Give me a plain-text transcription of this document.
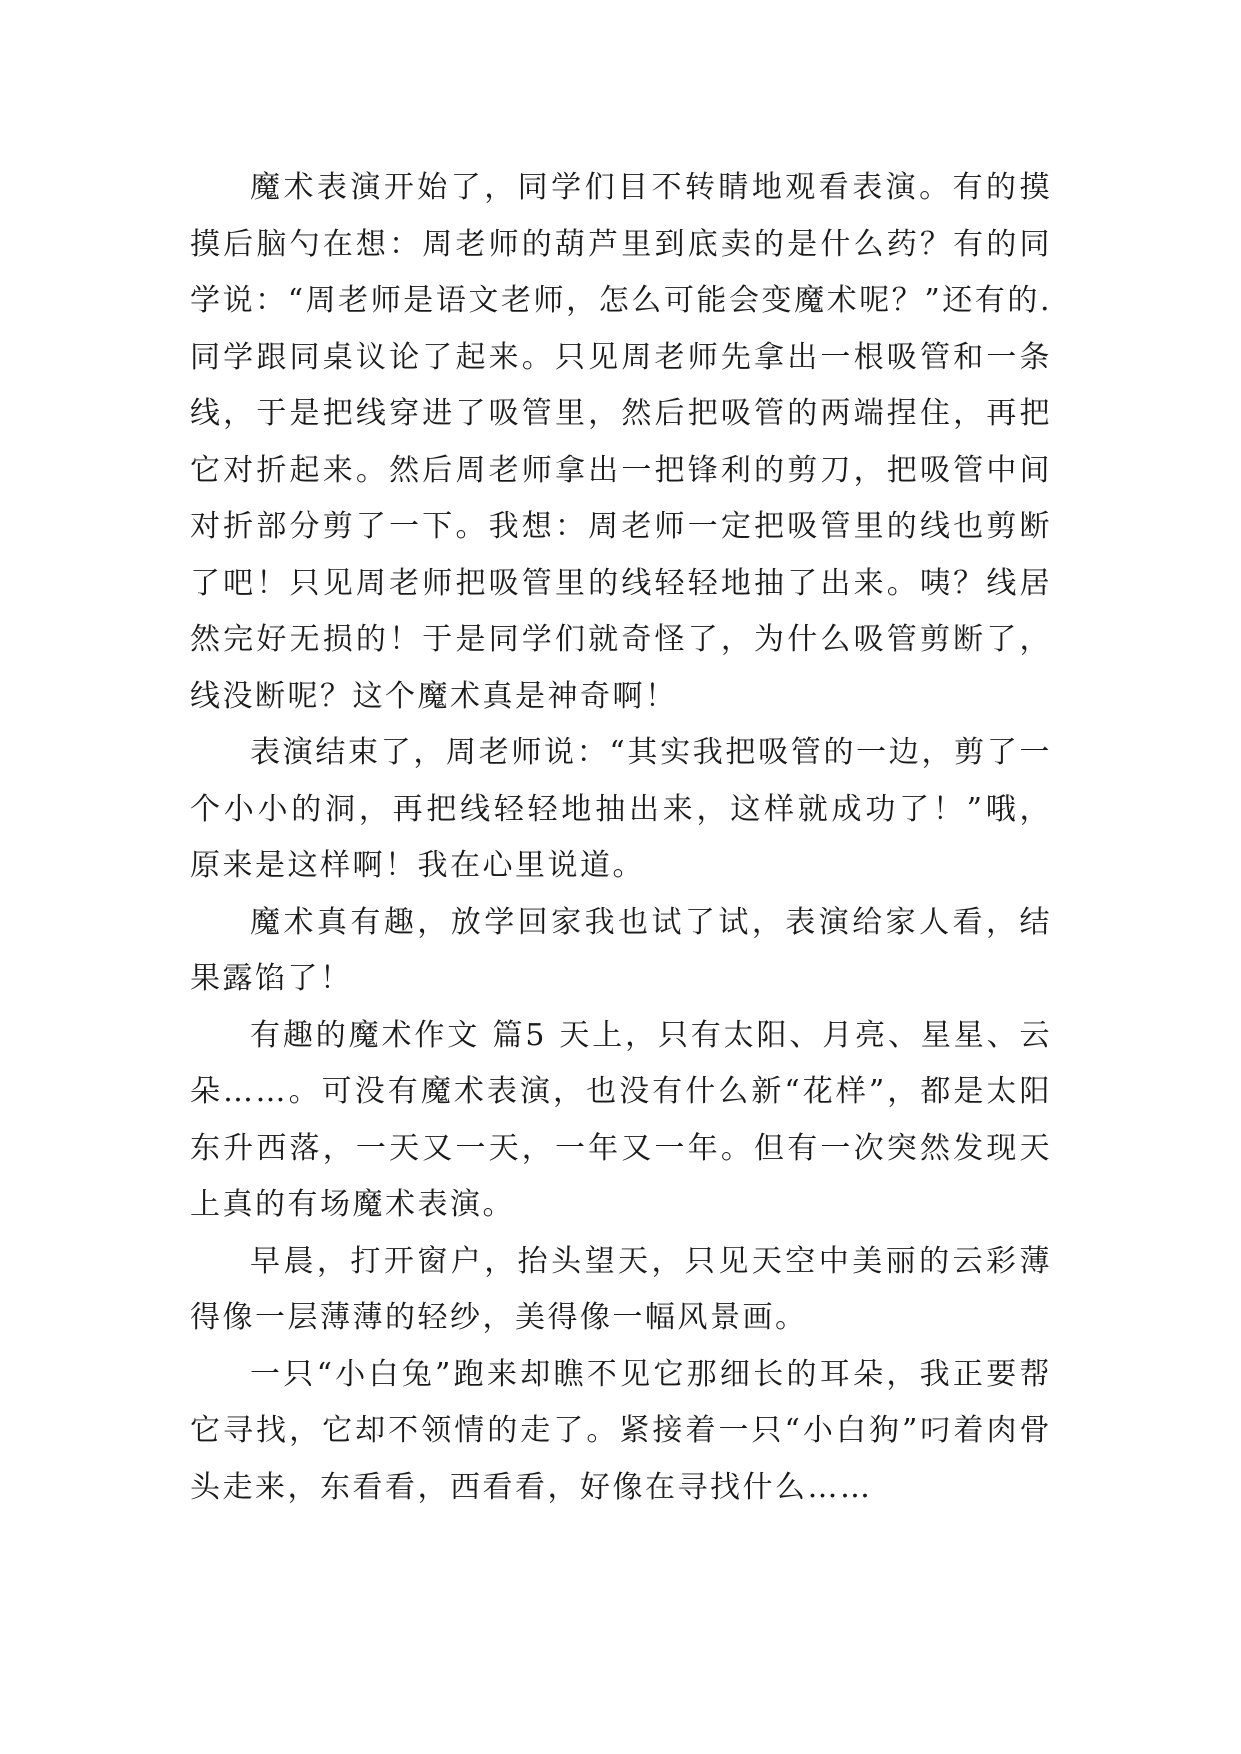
魔术表演开始了，同学们目不转睛地观看表演。有的摸摸后脑勺在想：周老师的葫芦里到底卖的是什么药？有的同学说：“周老师是语文老师，怎么可能会变魔术呢？”还有的.同学跟同桌议论了起来。只见周老师先拿出一根吸管和一条线，于是把线穿进了吸管里，然后把吸管的两端捏住，再把它对折起来。然后周老师拿出一把锋利的剪刀，把吸管中间对折部分剪了一下。我想：周老师一定把吸管里的线也剪断了吧！只见周老师把吸管里的线轻轻地抽了出来。咦？线居然完好无损的！于是同学们就奇怪了，为什么吸管剪断了，线没断呢？这个魔术真是神奇啊！

表演结束了，周老师说：“其实我把吸管的一边，剪了一个小小的洞，再把线轻轻地抽出来，这样就成功了！”哦，原来是这样啊！我在心里说道。

魔术真有趣，放学回家我也试了试，表演给家人看，结果露馅了！

有趣的魔术作文 篇5 天上，只有太阳、月亮、星星、云朵……。可没有魔术表演，也没有什么新“花样”，都是太阳东升西落，一天又一天，一年又一年。但有一次突然发现天上真的有场魔术表演。

早晨，打开窗户，抬头望天，只见天空中美丽的云彩薄得像一层薄薄的轻纱，美得像一幅风景画。

一只“小白兔”跑来却瞧不见它那细长的耳朵，我正要帮它寻找，它却不领情的走了。紧接着一只“小白狗”叼着肉骨头走来，东看看，西看看，好像在寻找什么……
